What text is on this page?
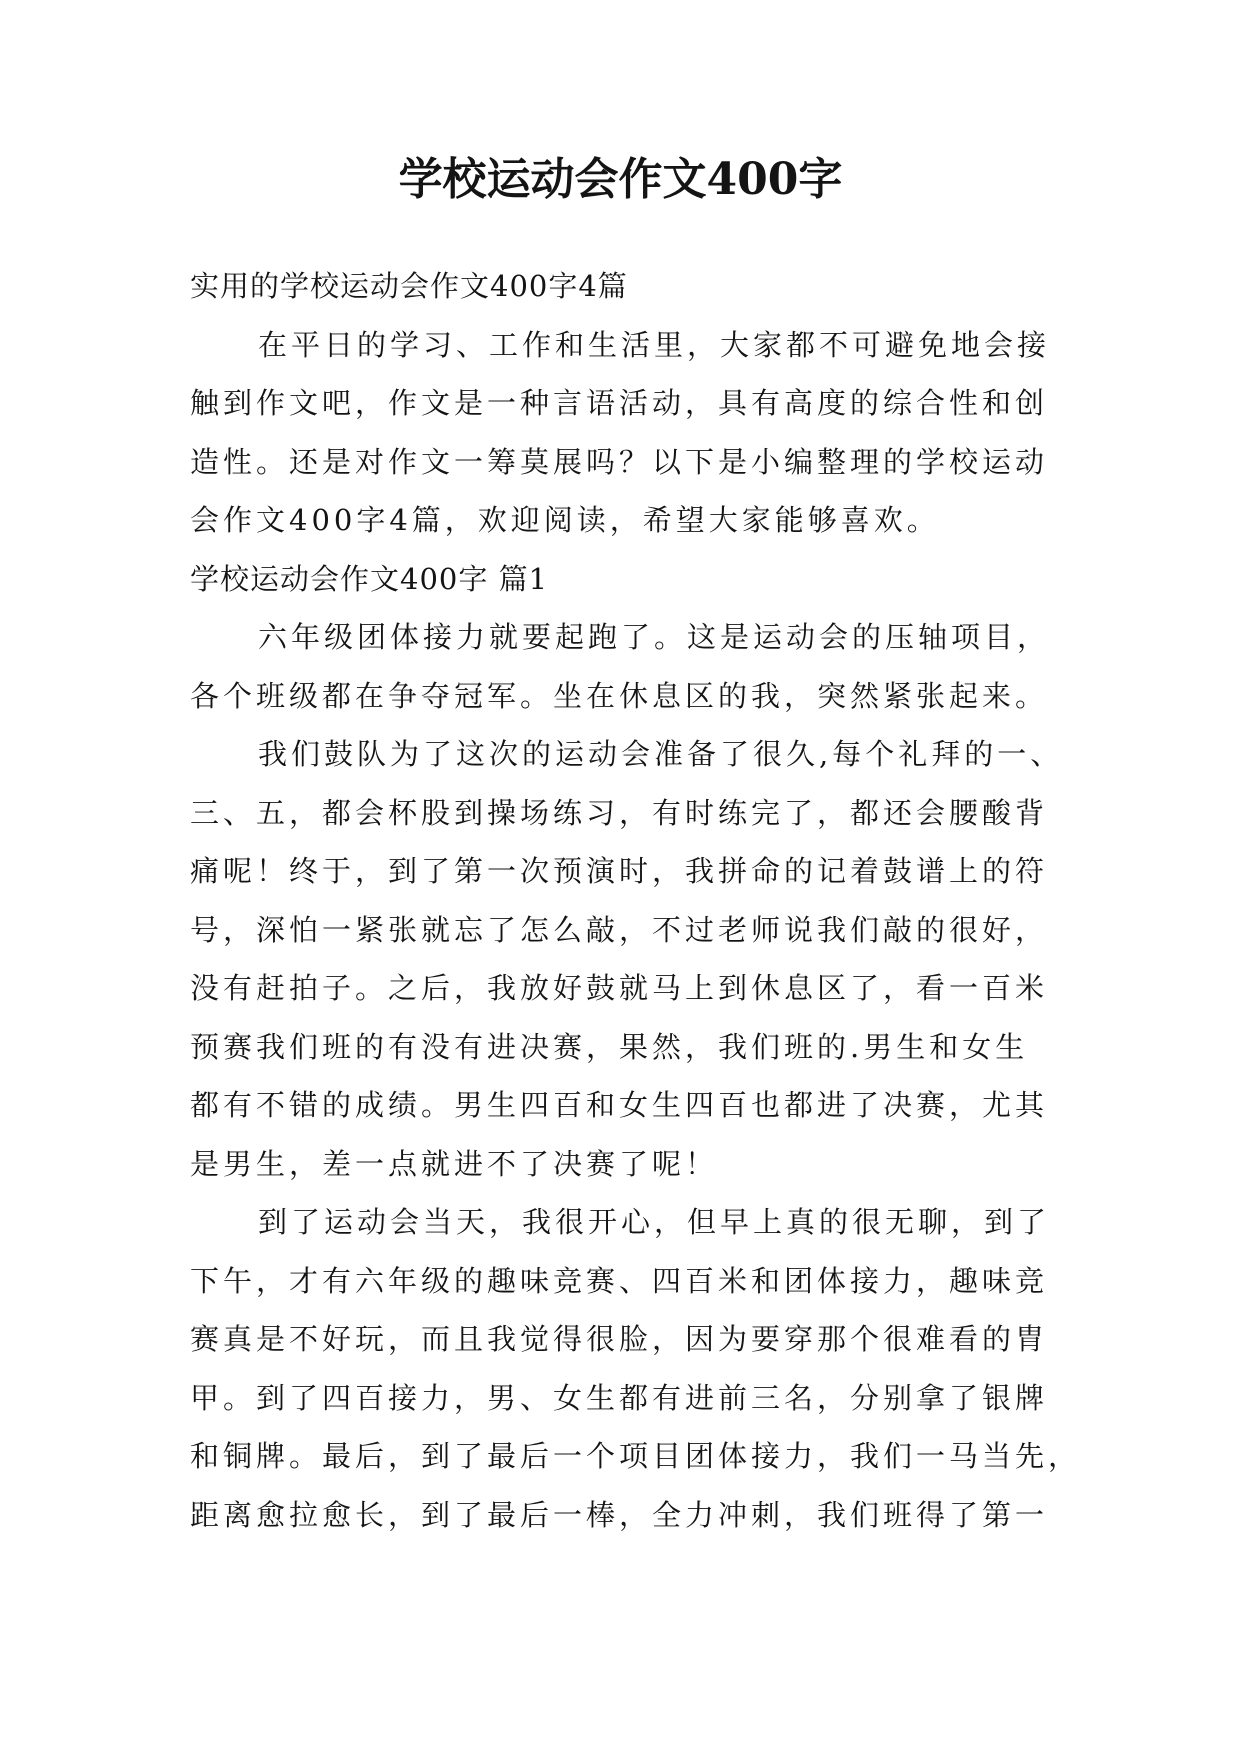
学校运动会作文400字

实用的学校运动会作文400字4篇

在平日的学习、工作和生活里，大家都不可避免地会接

触到作文吧，作文是一种言语活动，具有高度的综合性和创

造性。还是对作文一筹莫展吗？以下是小编整理的学校运动

会作文400字4篇，欢迎阅读，希望大家能够喜欢。

学校运动会作文400字 篇1

六年级团体接力就要起跑了。这是运动会的压轴项目，

各个班级都在争夺冠军。坐在休息区的我，突然紧张起来。

我们鼓队为了这次的运动会准备了很久,每个礼拜的一、

三、五，都会杯股到操场练习，有时练完了，都还会腰酸背

痛呢！终于，到了第一次预演时，我拼命的记着鼓谱上的符

号，深怕一紧张就忘了怎么敲，不过老师说我们敲的很好，

没有赶拍子。之后，我放好鼓就马上到休息区了，看一百米

预赛我们班的有没有进决赛，果然，我们班的.男生和女生

都有不错的成绩。男生四百和女生四百也都进了决赛，尤其

是男生，差一点就进不了决赛了呢！

到了运动会当天，我很开心，但早上真的很无聊，到了

下午，才有六年级的趣味竞赛、四百米和团体接力，趣味竞

赛真是不好玩，而且我觉得很脸，因为要穿那个很难看的胄

甲。到了四百接力，男、女生都有进前三名，分别拿了银牌

和铜牌。最后，到了最后一个项目团体接力，我们一马当先，

距离愈拉愈长，到了最后一棒，全力冲刺，我们班得了第一
